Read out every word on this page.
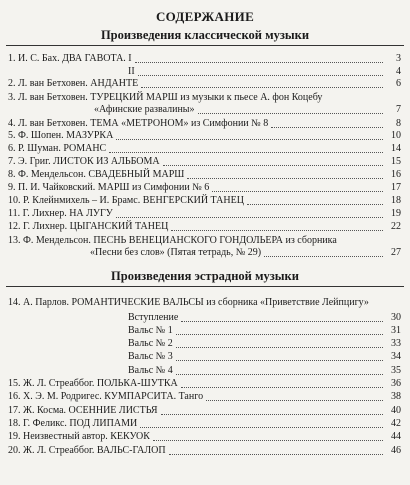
СОДЕРЖАНИЕ
Произведения классической музыки
1. И. С. Бах. ДВА ГАВОТА. I	3
II	4
2. Л. ван Бетховен. АНДАНТЕ	6
3. Л. ван Бетховен. ТУРЕЦКИЙ МАРШ из музыки к пьесе А. фон Коцебу
«Афинские развалины»	7
4. Л. ван Бетховен. ТЕМА «МЕТРОНОМ» из Симфонии № 8	8
5. Ф. Шопен. МАЗУРКА	10
6. Р. Шуман. РОМАНС	14
7. Э. Григ. ЛИСТОК ИЗ АЛЬБОМА	15
8. Ф. Мендельсон. СВАДЕБНЫЙ МАРШ	16
9. П. И. Чайковский. МАРШ из Симфонии № 6	17
10. Р. Клейнмихель – И. Брамс. ВЕНГЕРСКИЙ ТАНЕЦ	18
11. Г. Лихнер. НА ЛУГУ	19
12. Г. Лихнер. ЦЫГАНСКИЙ ТАНЕЦ	22
13. Ф. Мендельсон. ПЕСНЬ ВЕНЕЦИАНСКОГО ГОНДОЛЬЕРА из сборника
«Песни без слов» (Пятая тетрадь, № 29)	27
Произведения эстрадной музыки
14. А. Парлов. РОМАНТИЧЕСКИЕ ВАЛЬСЫ из сборника «Приветствие Лейпцигу»
Вступление	30
Вальс № 1	31
Вальс № 2	33
Вальс № 3	34
Вальс № 4	35
15. Ж. Л. Стреаббог. ПОЛЬКА-ШУТКА	36
16. Х. Э. М. Родригес. КУМПАРСИТА. Танго	38
17. Ж. Косма. ОСЕННИЕ ЛИСТЬЯ	40
18. Г. Феликс. ПОД ЛИПАМИ	42
19. Неизвестный автор. КЕКУОК	44
20. Ж. Л. Стреаббог. ВАЛЬС-ГАЛОП	46
